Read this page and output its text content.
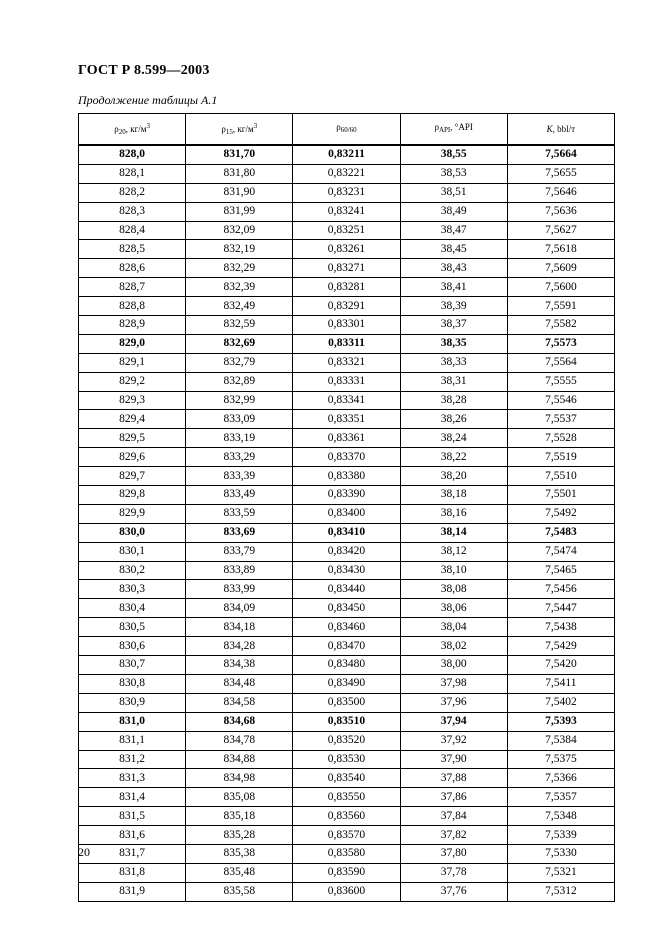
ГОСТ Р 8.599—2003
Продолжение таблицы А.1
$\rho_{20}$, $кг/м^3$	$\rho_{15}$, $кг/м^3$	$\rho_{60/60}$	$\rho_{API}$, °API	K, bbl/т
828,0	831,70	0,83211	38,55	7,5664
828,1	831,80	0,83221	38,53	7,5655
828,2	831,90	0,83231	38,51	7,5646
828,3	831,99	0,83241	38,49	7,5636
828,4	832,09	0,83251	38,47	7,5627
828,5	832,19	0,83261	38,45	7,5618
828,6	832,29	0,83271	38,43	7,5609
828,7	832,39	0,83281	38,41	7,5600
828,8	832,49	0,83291	38,39	7,5591
828,9	832,59	0,83301	38,37	7,5582
829,0	832,69	0,83311	38,35	7,5573
829,1	832,79	0,83321	38,33	7,5564
829,2	832,89	0,83331	38,31	7,5555
829,3	832,99	0,83341	38,28	7,5546
829,4	833,09	0,83351	38,26	7,5537
829,5	833,19	0,83361	38,24	7,5528
829,6	833,29	0,83370	38,22	7,5519
829,7	833,39	0,83380	38,20	7,5510
829,8	833,49	0,83390	38,18	7,5501
829,9	833,59	0,83400	38,16	7,5492
830,0	833,69	0,83410	38,14	7,5483
830,1	833,79	0,83420	38,12	7,5474
830,2	833,89	0,83430	38,10	7,5465
830,3	833,99	0,83440	38,08	7,5456
830,4	834,09	0,83450	38,06	7,5447
830,5	834,18	0,83460	38,04	7,5438
830,6	834,28	0,83470	38,02	7,5429
830,7	834,38	0,83480	38,00	7,5420
830,8	834,48	0,83490	37,98	7,5411
830,9	834,58	0,83500	37,96	7,5402
831,0	834,68	0,83510	37,94	7,5393
831,1	834,78	0,83520	37,92	7,5384
831,2	834,88	0,83530	37,90	7,5375
831,3	834,98	0,83540	37,88	7,5366
831,4	835,08	0,83550	37,86	7,5357
831,5	835,18	0,83560	37,84	7,5348
831,6	835,28	0,83570	37,82	7,5339
831,7	835,38	0,83580	37,80	7,5330
831,8	835,48	0,83590	37,78	7,5321
831,9	835,58	0,83600	37,76	7,5312
20
